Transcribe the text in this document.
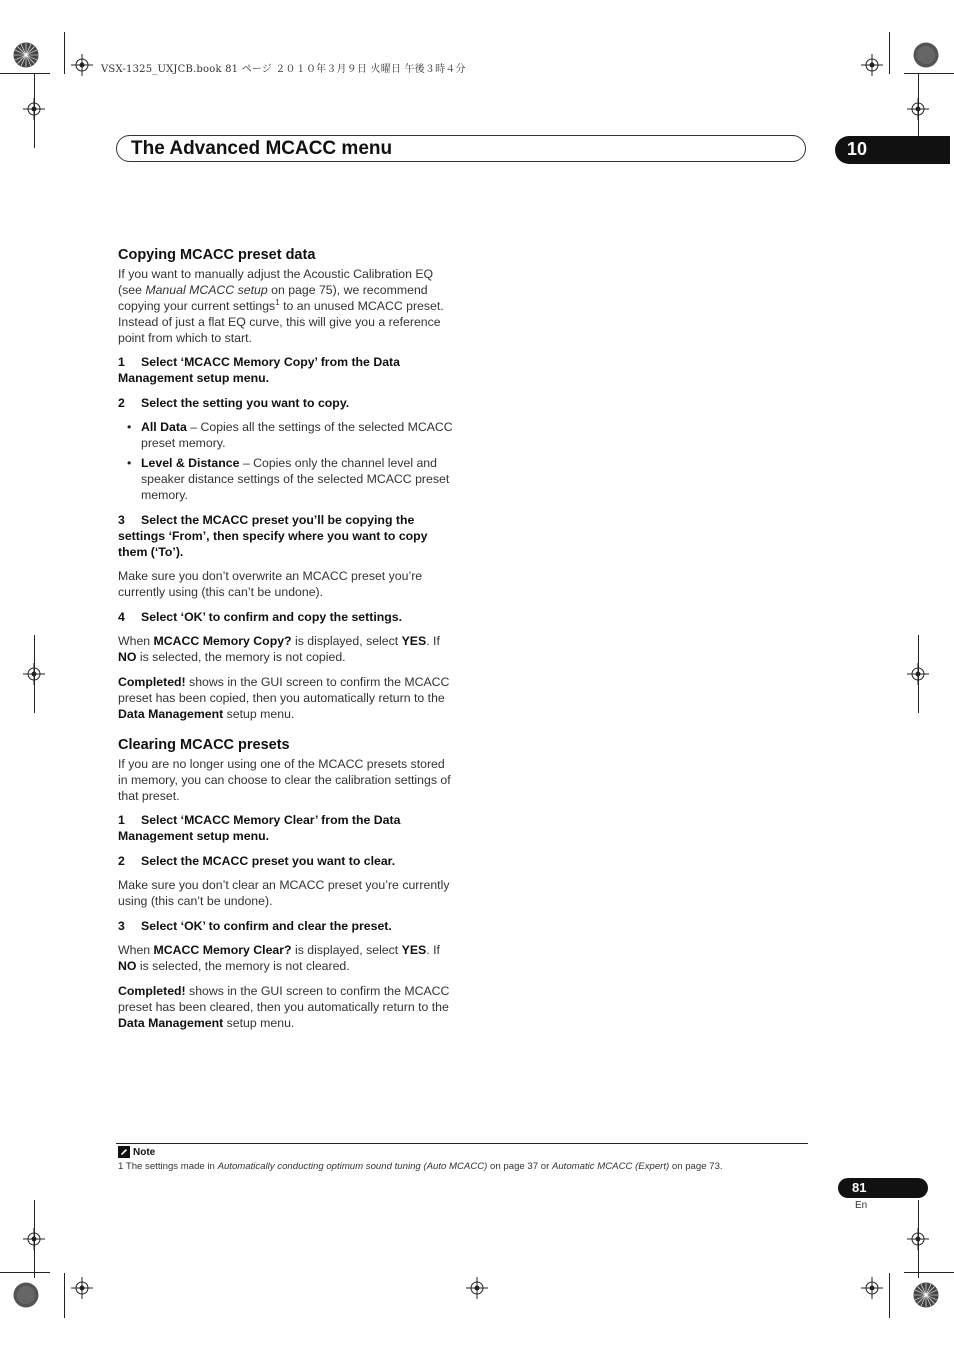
VSX-1325_UXJCB.book 81 ページ ２０１０年３月９日 火曜日 午後３時４分
The Advanced MCACC menu	10
Copying MCACC preset data

If you want to manually adjust the Acoustic Calibration EQ (see Manual MCACC setup on page 75), we recommend copying your current settings$^1$ to an unused MCACC preset. Instead of just a flat EQ curve, this will give you a reference point from which to start.

1 Select ‘MCACC Memory Copy’ from the Data Management setup menu.

2 Select the setting you want to copy.

• All Data – Copies all the settings of the selected MCACC preset memory.
• Level & Distance – Copies only the channel level and speaker distance settings of the selected MCACC preset memory.

3 Select the MCACC preset you’ll be copying the settings ‘From’, then specify where you want to copy them (‘To’).

Make sure you don’t overwrite an MCACC preset you’re currently using (this can’t be undone).

4 Select ‘OK’ to confirm and copy the settings.

When MCACC Memory Copy? is displayed, select YES. If NO is selected, the memory is not copied.

Completed! shows in the GUI screen to confirm the MCACC preset has been copied, then you automatically return to the Data Management setup menu.

Clearing MCACC presets

If you are no longer using one of the MCACC presets stored in memory, you can choose to clear the calibration settings of that preset.

1 Select ‘MCACC Memory Clear’ from the Data Management setup menu.

2 Select the MCACC preset you want to clear.

Make sure you don’t clear an MCACC preset you’re currently using (this can’t be undone).

3 Select ‘OK’ to confirm and clear the preset.

When MCACC Memory Clear? is displayed, select YES. If NO is selected, the memory is not cleared.

Completed! shows in the GUI screen to confirm the MCACC preset has been cleared, then you automatically return to the Data Management setup menu.

Note
1 The settings made in Automatically conducting optimum sound tuning (Auto MCACC) on page 37 or Automatic MCACC (Expert) on page 73.
81
En
